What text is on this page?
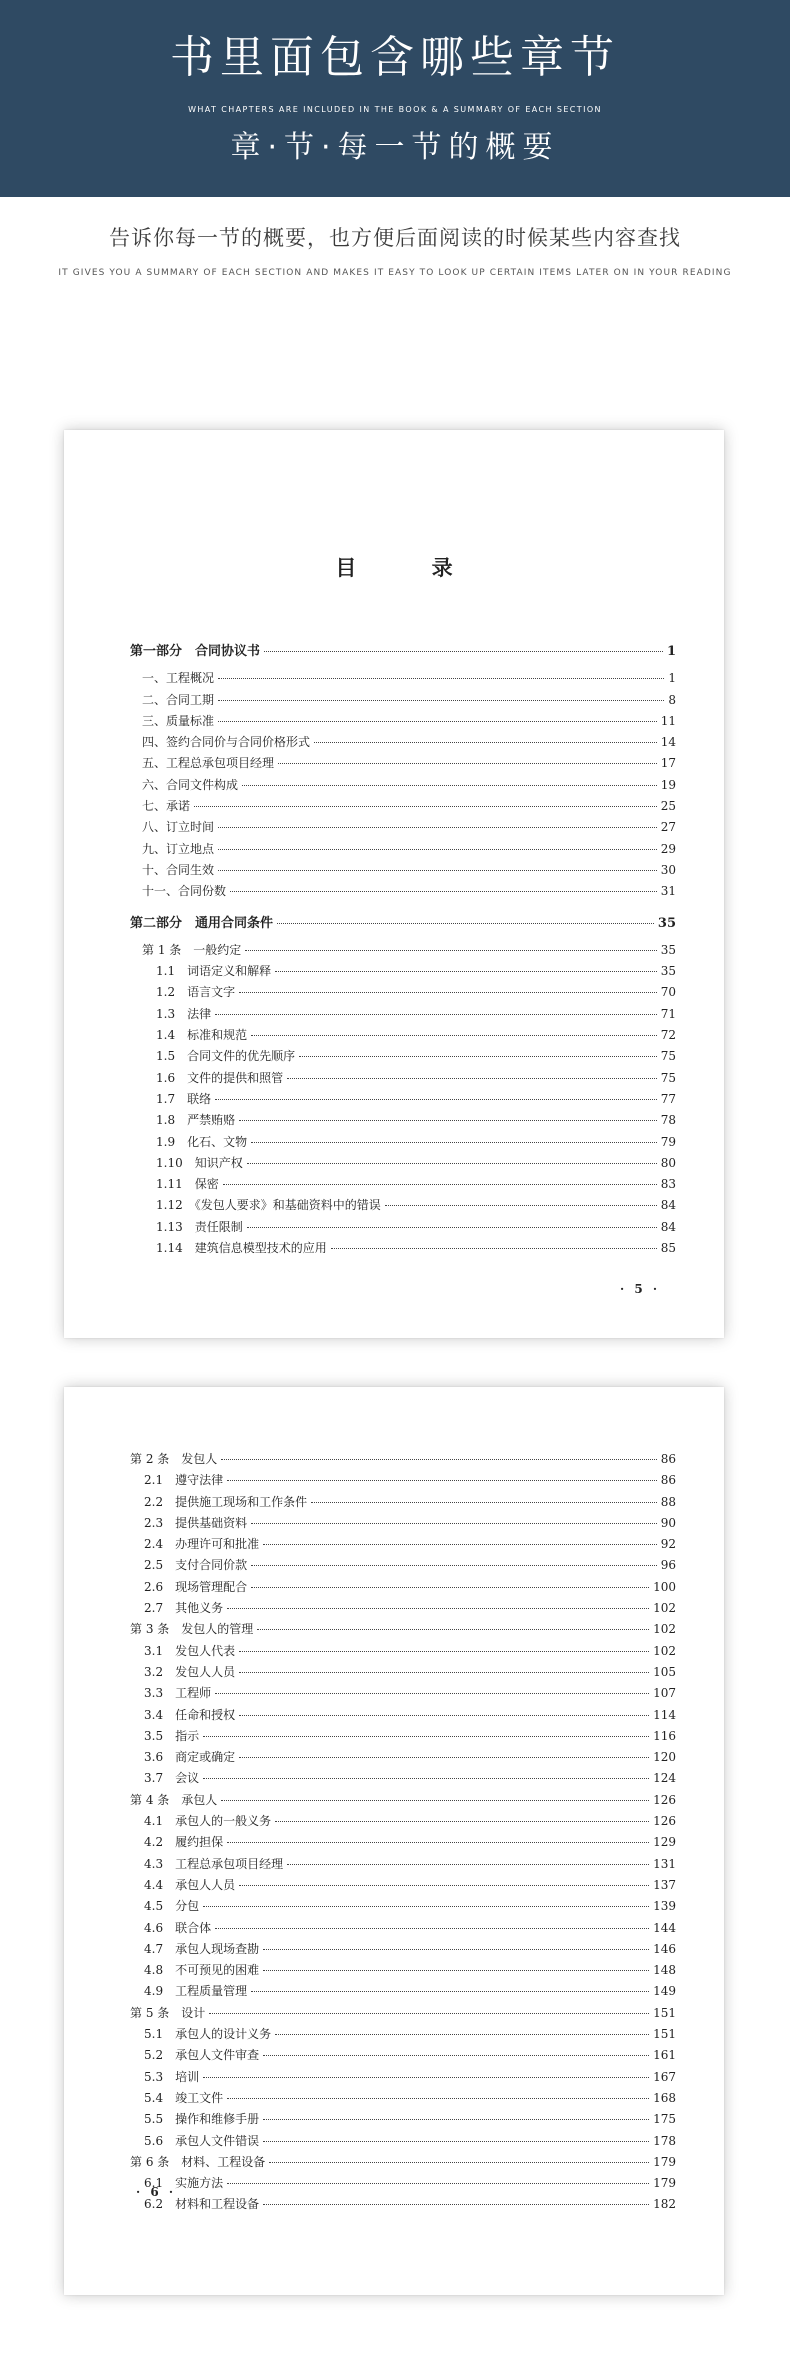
书里面包含哪些章节
WHAT CHAPTERS ARE INCLUDED IN THE BOOK & A SUMMARY OF EACH SECTION
章·节·每一节的概要
告诉你每一节的概要，也方便后面阅读的时候某些内容查找
IT GIVES YOU A SUMMARY OF EACH SECTION AND MAKES IT EASY TO LOOK UP CERTAIN ITEMS LATER ON IN YOUR READING
目 录
第一部分　合同协议书	1
一、工程概况	1
二、合同工期	8
三、质量标准	11
四、签约合同价与合同价格形式	14
五、工程总承包项目经理	17
六、合同文件构成	19
七、承诺	25
八、订立时间	27
九、订立地点	29
十、合同生效	30
十一、合同份数	31
第二部分　通用合同条件	35
第 1 条　一般约定	35
1.1　词语定义和解释	35
1.2　语言文字	70
1.3　法律	71
1.4　标准和规范	72
1.5　合同文件的优先顺序	75
1.6　文件的提供和照管	75
1.7　联络	77
1.8　严禁贿赂	78
1.9　化石、文物	79
1.10　知识产权	80
1.11　保密	83
1.12　《发包人要求》和基础资料中的错误	84
1.13　责任限制	84
1.14　建筑信息模型技术的应用	85
· 5 ·
第 2 条　发包人	86
2.1　遵守法律	86
2.2　提供施工现场和工作条件	88
2.3　提供基础资料	90
2.4　办理许可和批准	92
2.5　支付合同价款	96
2.6　现场管理配合	100
2.7　其他义务	102
第 3 条　发包人的管理	102
3.1　发包人代表	102
3.2　发包人人员	105
3.3　工程师	107
3.4　任命和授权	114
3.5　指示	116
3.6　商定或确定	120
3.7　会议	124
第 4 条　承包人	126
4.1　承包人的一般义务	126
4.2　履约担保	129
4.3　工程总承包项目经理	131
4.4　承包人人员	137
4.5　分包	139
4.6　联合体	144
4.7　承包人现场查勘	146
4.8　不可预见的困难	148
4.9　工程质量管理	149
第 5 条　设计	151
5.1　承包人的设计义务	151
5.2　承包人文件审查	161
5.3　培训	167
5.4　竣工文件	168
5.5　操作和维修手册	175
5.6　承包人文件错误	178
第 6 条　材料、工程设备	179
6.1　实施方法	179
6.2　材料和工程设备	182
· 6 ·
